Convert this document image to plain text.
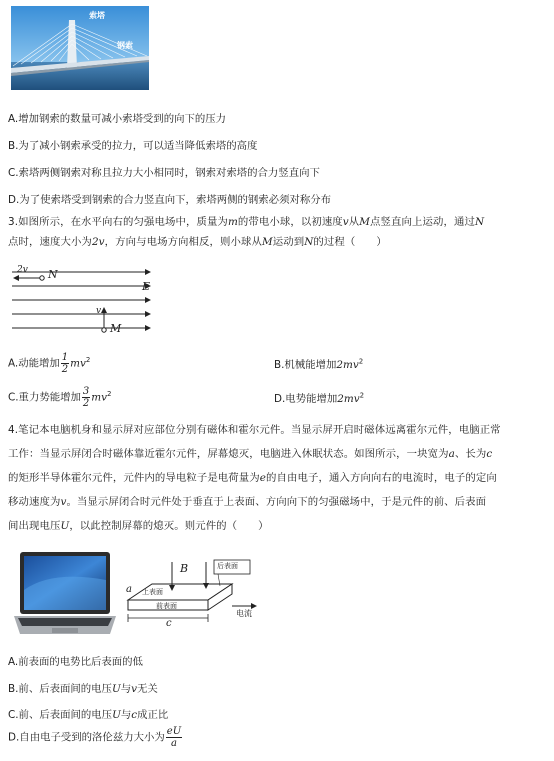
索塔
钢索
A.增加钢索的数量可减小索塔受到的向下的压力
B.为了减小钢索承受的拉力，可以适当降低索塔的高度
C.索塔两侧钢索对称且拉力大小相同时，钢索对索塔的合力竖直向下
D.为了使索塔受到钢索的合力竖直向下，索塔两侧的钢索必须对称分布
3.如图所示，在水平向右的匀强电场中，质量为m的带电小球，以初速度v从M点竖直向上运动，通过N
点时，速度大小为2v，方向与电场方向相反，则小球从M运动到N的过程（　　）
2v N
E
v
M
A.动能增加 $\frac{1}{2} mv^2$	B.机械能增加$2mv^2$
C.重力势能增加 $\frac{3}{2} mv^2$	D.电势能增加$2mv^2$
4.笔记本电脑机身和显示屏对应部位分别有磁体和霍尔元件。当显示屏开启时磁体远离霍尔元件，电脑正常
工作：当显示屏闭合时磁体靠近霍尔元件，屏幕熄灭，电脑进入休眠状态。如图所示，一块宽为a、长为c
的矩形半导体霍尔元件，元件内的导电粒子是电荷量为e的自由电子，通入方向向右的电流时，电子的定向
移动速度为v。当显示屏闭合时元件处于垂直于上表面、方向向下的匀强磁场中，于是元件的前、后表面
间出现电压U，以此控制屏幕的熄灭。则元件的（　　）
B	后表面
上表面
前表面
电流
a
c
A.前表面的电势比后表面的低
B.前、后表面间的电压U与v无关
C.前、后表面间的电压U与c成正比
D.自由电子受到的洛伦兹力大小为 $\frac{eU}{a}$
